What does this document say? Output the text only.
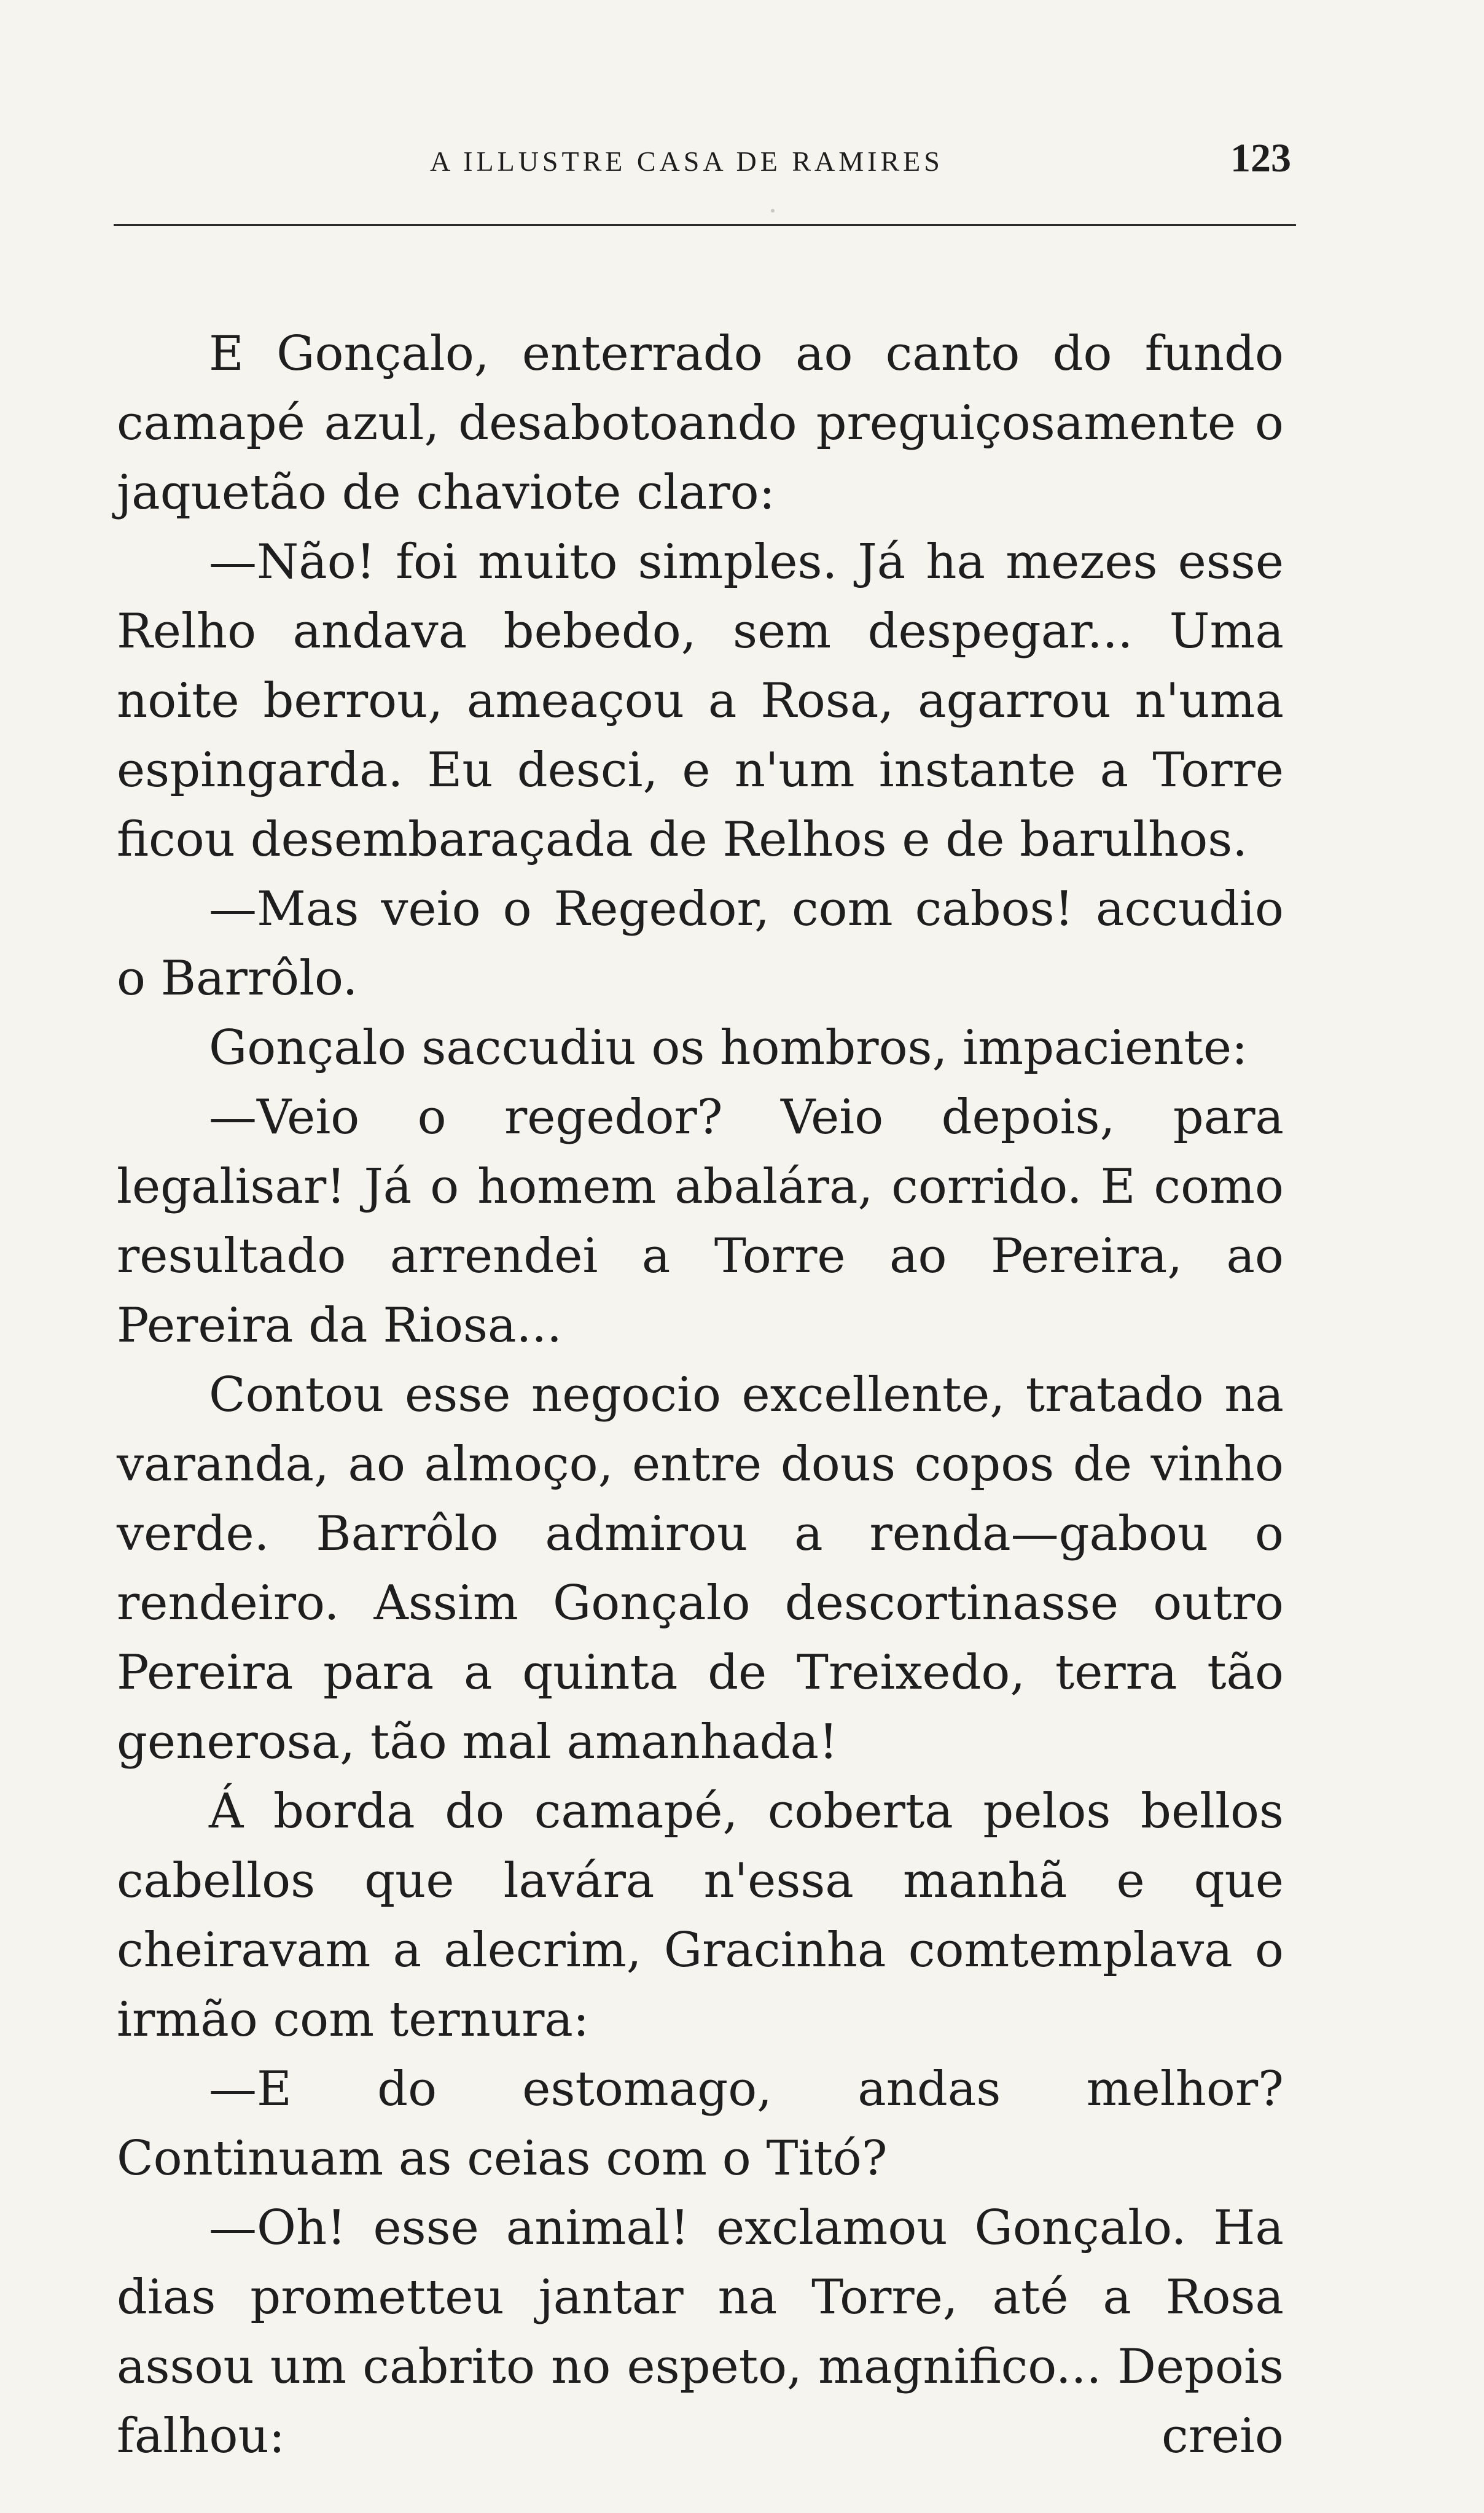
A ILLUSTRE CASA DE RAMIRES	123

E Gonçalo, enterrado ao canto do fundo camapé azul, desabotoando preguiçosamente o jaquetão de chaviote claro:

—Não! foi muito simples. Já ha mezes esse Relho andava bebedo, sem despegar... Uma noite berrou, ameaçou a Rosa, agarrou n'uma espingarda. Eu desci, e n'um instante a Torre ficou desembaraçada de Relhos e de barulhos.

—Mas veio o Regedor, com cabos! accudio o Barrôlo.

Gonçalo saccudiu os hombros, impaciente:

—Veio o regedor? Veio depois, para legalisar! Já o homem abalára, corrido. E como resultado arrendei a Torre ao Pereira, ao Pereira da Riosa...

Contou esse negocio excellente, tratado na varanda, ao almoço, entre dous copos de vinho verde. Barrôlo admirou a renda—gabou o rendeiro. Assim Gonçalo descortinasse outro Pereira para a quinta de Treixedo, terra tão generosa, tão mal amanhada!

Á borda do camapé, coberta pelos bellos cabellos que lavára n'essa manhã e que cheiravam a alecrim, Gracinha comtemplava o irmão com ternura:

—E do estomago, andas melhor? Continuam as ceias com o Titó?

—Oh! esse animal! exclamou Gonçalo. Ha dias prometteu jantar na Torre, até a Rosa assou um cabrito no espeto, magnifico... Depois falhou: creio
